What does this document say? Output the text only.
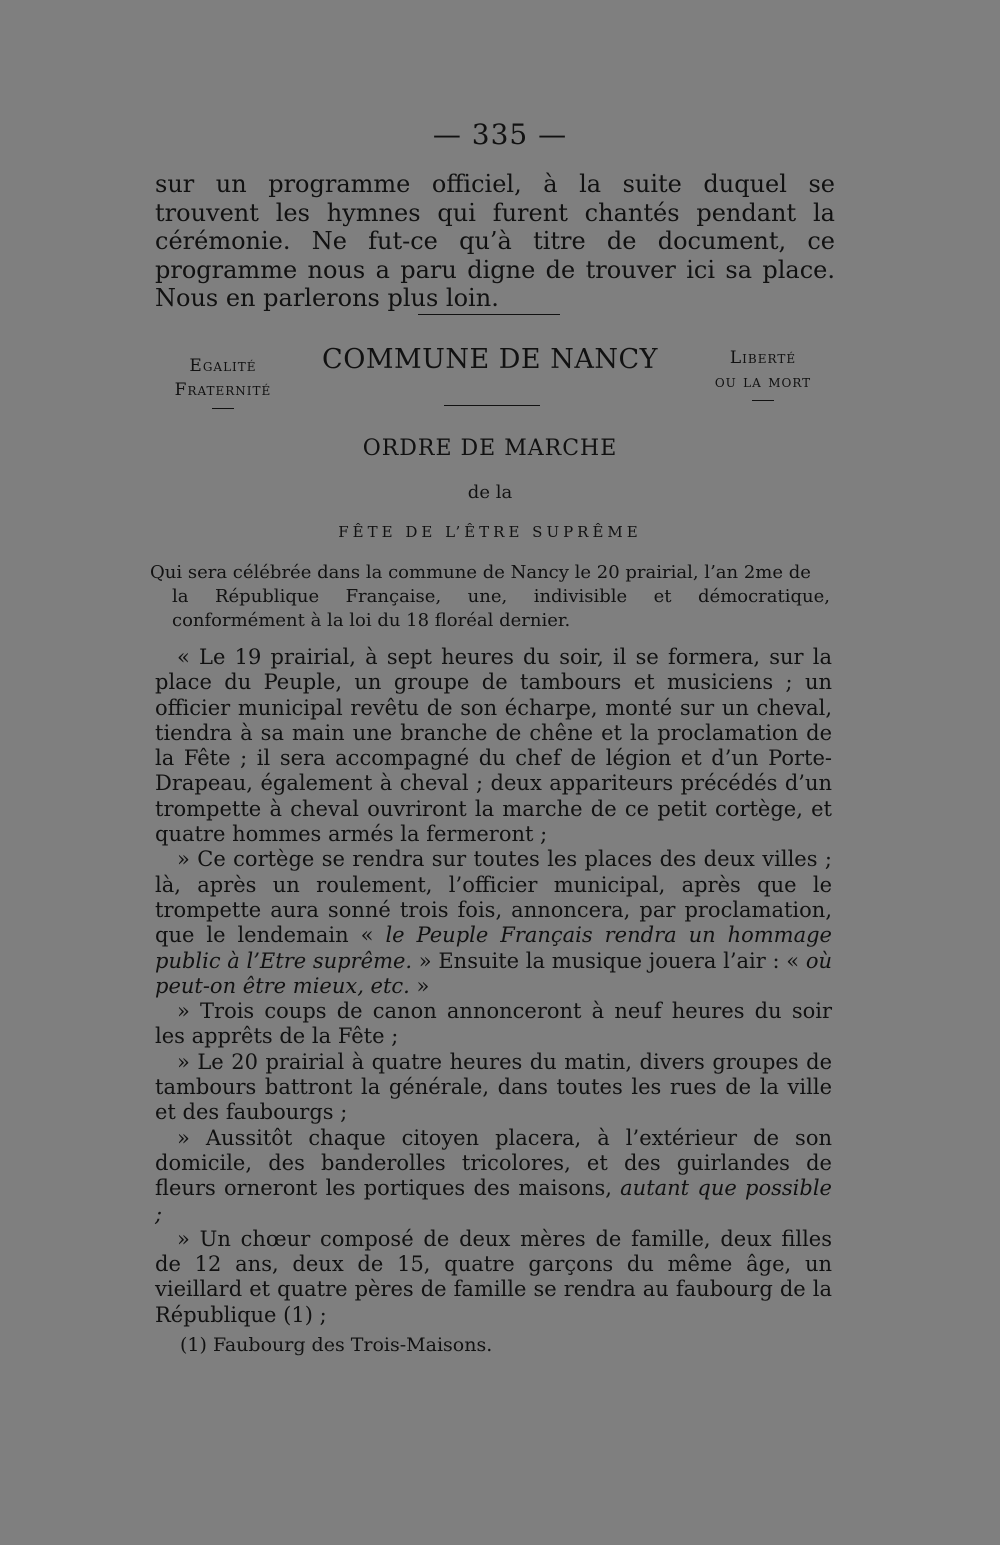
— 335 —
sur un programme officiel, à la suite duquel se trouvent les hymnes qui furent chantés pendant la cérémonie. Ne fut-ce qu’à titre de document, ce programme nous a paru digne de trouver ici sa place. Nous en parlerons plus loin.
Egalité
Fraternité
COMMUNE DE NANCY	Liberté
ou la mort
ORDRE DE MARCHE
de la
FÊTE DE L’ÊTRE SUPRÊME
Qui sera célébrée dans la commune de Nancy le 20 prairial, l’an 2me de
la République Française, une, indivisible et démocratique, conformément à la loi du 18 floréal dernier.

« Le 19 prairial, à sept heures du soir, il se formera, sur la place du Peuple, un groupe de tambours et musiciens ; un officier municipal revêtu de son écharpe, monté sur un cheval, tiendra à sa main une branche de chêne et la proclamation de la Fête ; il sera accompagné du chef de légion et d’un Porte-Drapeau, également à cheval ; deux appariteurs précédés d’un trompette à cheval ouvriront la marche de ce petit cortège, et quatre hommes armés la fermeront ;

» Ce cortège se rendra sur toutes les places des deux villes ; là, après un roulement, l’officier municipal, après que le trompette aura sonné trois fois, annoncera, par proclamation, que le lendemain « le Peuple Français rendra un hommage public à l’Etre suprême. » Ensuite la musique jouera l’air : « où peut-on être mieux, etc. »

» Trois coups de canon annonceront à neuf heures du soir les apprêts de la Fête ;

» Le 20 prairial à quatre heures du matin, divers groupes de tambours battront la générale, dans toutes les rues de la ville et des faubourgs ;

» Aussitôt chaque citoyen placera, à l’extérieur de son domicile, des banderolles tricolores, et des guirlandes de fleurs orneront les portiques des maisons, autant que possible ;

» Un chœur composé de deux mères de famille, deux filles de 12 ans, deux de 15, quatre garçons du même âge, un vieillard et quatre pères de famille se rendra au faubourg de la République (1) ;

(1) Faubourg des Trois-Maisons.
